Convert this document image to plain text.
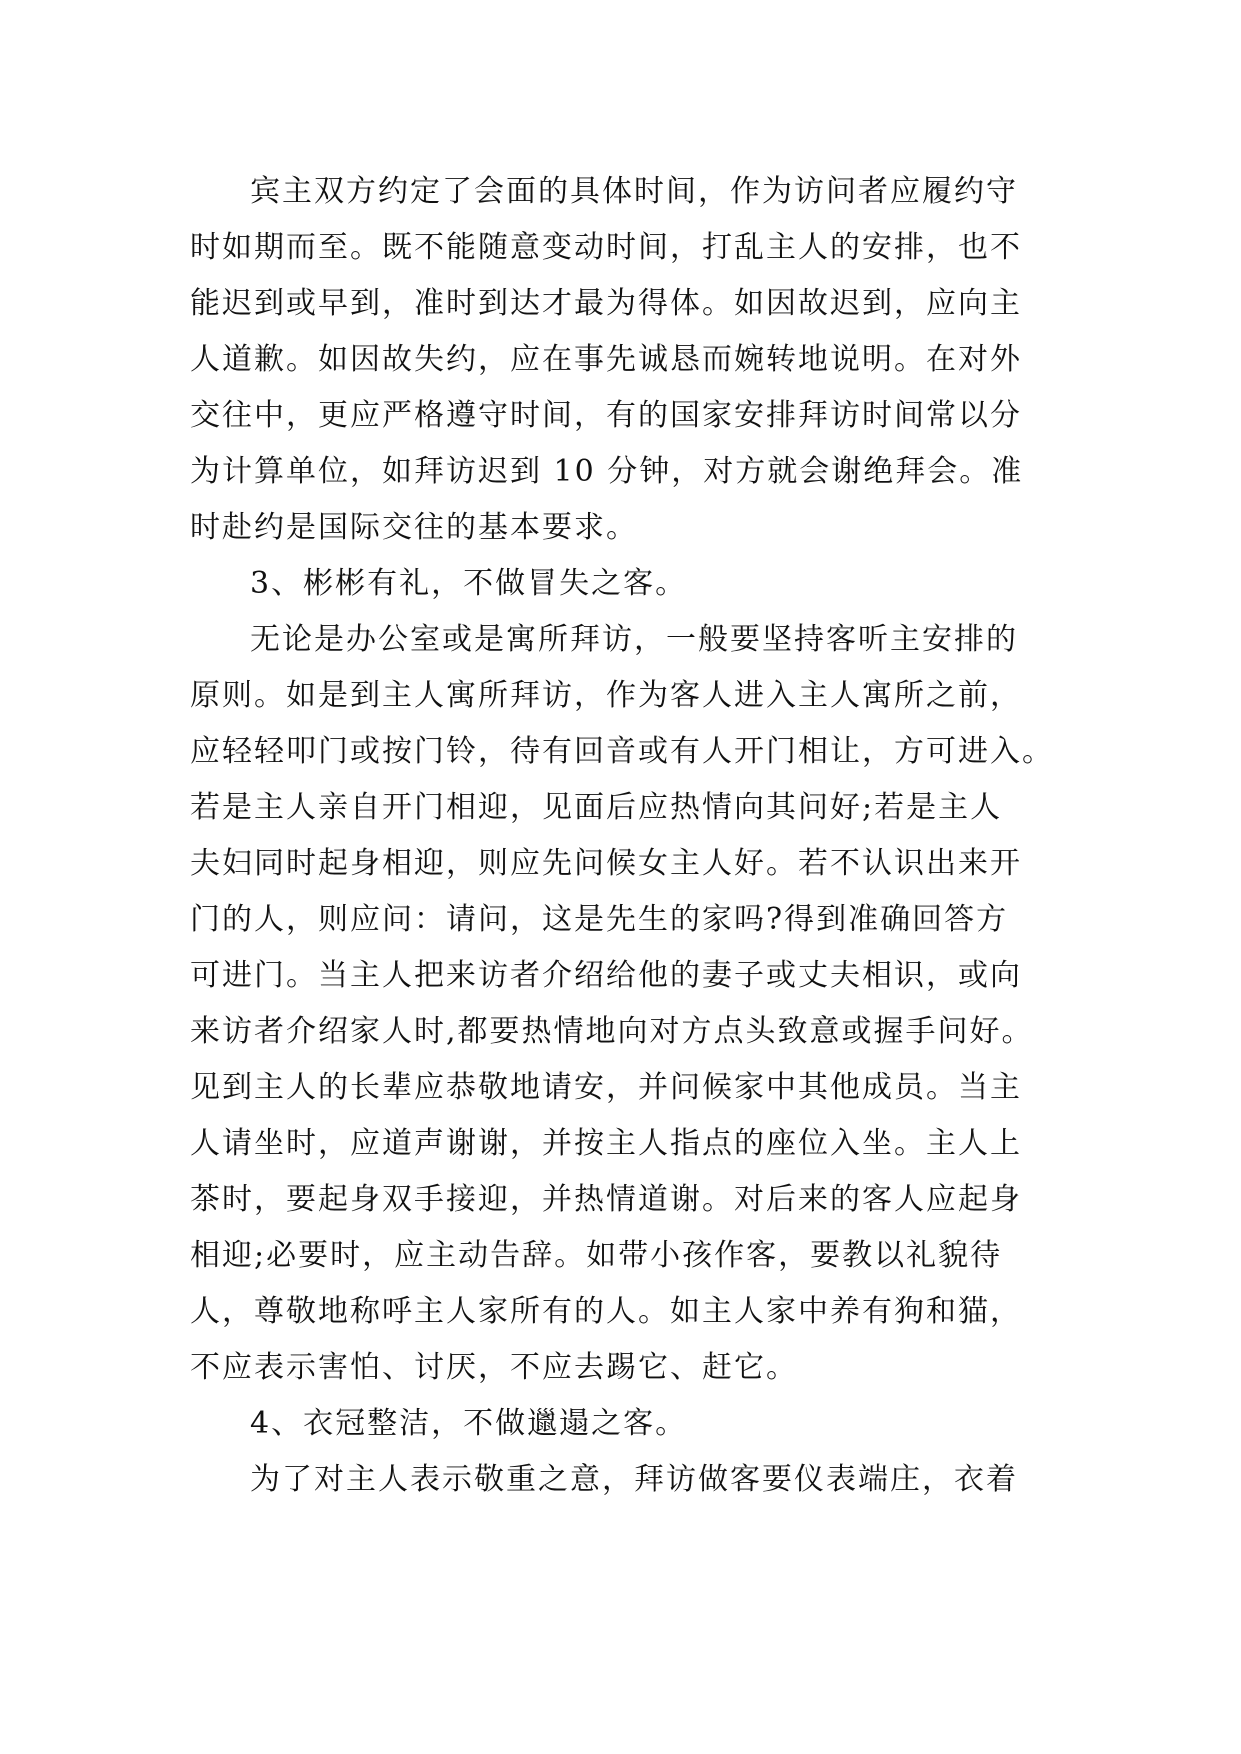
宾主双方约定了会面的具体时间，作为访问者应履约守
时如期而至。既不能随意变动时间，打乱主人的安排，也不
能迟到或早到，准时到达才最为得体。如因故迟到，应向主
人道歉。如因故失约，应在事先诚恳而婉转地说明。在对外
交往中，更应严格遵守时间，有的国家安排拜访时间常以分
为计算单位，如拜访迟到 10 分钟，对方就会谢绝拜会。准
时赴约是国际交往的基本要求。
3、彬彬有礼，不做冒失之客。
无论是办公室或是寓所拜访，一般要坚持客听主安排的
原则。如是到主人寓所拜访，作为客人进入主人寓所之前，
应轻轻叩门或按门铃，待有回音或有人开门相让，方可进入。
若是主人亲自开门相迎，见面后应热情向其问好;若是主人
夫妇同时起身相迎，则应先问候女主人好。若不认识出来开
门的人，则应问：请问，这是先生的家吗?得到准确回答方
可进门。当主人把来访者介绍给他的妻子或丈夫相识，或向
来访者介绍家人时,都要热情地向对方点头致意或握手问好。
见到主人的长辈应恭敬地请安，并问候家中其他成员。当主
人请坐时，应道声谢谢，并按主人指点的座位入坐。主人上
茶时，要起身双手接迎，并热情道谢。对后来的客人应起身
相迎;必要时，应主动告辞。如带小孩作客，要教以礼貌待
人，尊敬地称呼主人家所有的人。如主人家中养有狗和猫，
不应表示害怕、讨厌，不应去踢它、赶它。
4、衣冠整洁，不做邋遢之客。
为了对主人表示敬重之意，拜访做客要仪表端庄，衣着
